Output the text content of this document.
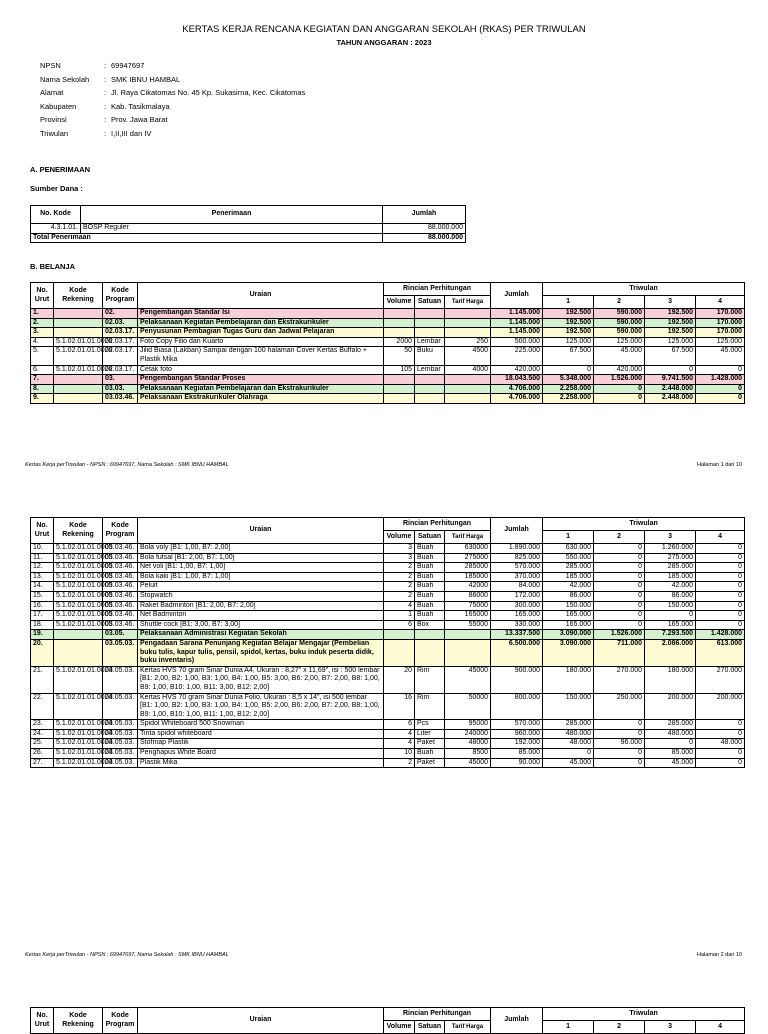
KERTAS KERJA RENCANA KEGIATAN DAN ANGGARAN SEKOLAH (RKAS) PER TRIWULAN
TAHUN ANGGARAN : 2023
NPSN	:	69947697
Nama Sekolah	:	SMK IBNU HAMBAL
Alamat	:	Jl. Raya Cikatomas No. 45 Kp. Sukasirna, Kec. Cikatomas
Kabupaten	:	Kab. Tasikmalaya
Provinsi	:	Prov. Jawa Barat
Triwulan	:	I,II,III dan IV
A. PENERIMAAN
Sumber Dana :
No. Kode	Penerimaan	Jumlah
4.3.1.01.	BOSP Reguler	88.000.000
Total Penerimaan		88.000.000
B. BELANJA
No. Urut	Kode Rekening	Kode Program	Uraian	Rincian Perhitungan			Jumlah	Triwulan			
				Volume	Satuan	Tarif Harga		1	2	3	4
1.		02.	Pengembangan Standar Isi				1.145.000	192.500	590.000	192.500	170.000
2.		02.03.	Pelaksanaan Kegiatan Pembelajaran dan Ekstrakurikuler				1.145.000	192.500	590.000	192.500	170.000
3.		02.03.17.	Penyusunan Pembagian Tugas Guru dan Jadwal Pelajaran				1.145.000	192.500	590.000	192.500	170.000
4.	5.1.02.01.01.0026	02.03.17.	Foto Copy Filio dan Kuarto	2000	Lembar	250	500.000	125.000	125.000	125.000	125.000
5.	5.1.02.01.01.0026	02.03.17.	Jilid Biasa (Lakban) Sampai dengan 100 halaman Cover Kertas Buffalo + Plastik Mika	50	Buku	4500	225.000	67.500	45.000	67.500	45.000
6.	5.1.02.01.01.0026	02.03.17.	Cetak foto	105	Lembar	4000	420.000	0	420.000	0	0
7.		03.	Pengembangan Standar Proses				18.043.500	5.348.000	1.526.000	9.741.500	1.428.000
8.		03.03.	Pelaksanaan Kegiatan Pembelajaran dan Ekstrakurikuler				4.706.000	2.258.000	0	2.448.000	0
9.		03.03.46.	Pelaksanaan Ekstrakurikuler Olahraga				4.706.000	2.258.000	0	2.448.000	0
Kertas Kerja perTriwulan - NPSN : 69947697, Nama Sekolah : SMK IBNU HAMBAL	Halaman 1 dari 10
No. Urut	Kode Rekening	Kode Program	Uraian	Rincian Perhitungan			Jumlah	Triwulan			
				Volume	Satuan	Tarif Harga		1	2	3	4
10.	5.1.02.01.01.0005	03.03.46.	Bola voly [B1: 1,00, B7: 2,00]	3	Buah	630000	1.890.000	630.000	0	1.260.000	0
11.	5.1.02.01.01.0005	03.03.46.	Bola futsal [B1: 2,00, B7: 1,00]	3	Buah	275000	825.000	550.000	0	275.000	0
12.	5.1.02.01.01.0005	03.03.46.	Net voli [B1: 1,00, B7: 1,00]	2	Buah	285000	570.000	285.000	0	285.000	0
13.	5.1.02.01.01.0005	03.03.46.	Bola kaki [B1: 1,00, B7: 1,00]	2	Buah	185000	370.000	185.000	0	185.000	0
14.	5.1.02.01.01.0005	03.03.46.	Peluit	2	Buah	42000	84.000	42.000	0	42.000	0
15.	5.1.02.01.01.0005	03.03.46.	Stopwatch	2	Buah	86000	172.000	86.000	0	86.000	0
16.	5.1.02.01.01.0005	03.03.46.	Raket Badminton [B1: 2,00, B7: 2,00]	4	Buah	75000	300.000	150.000	0	150.000	0
17.	5.1.02.01.01.0005	03.03.46.	Net Badminton	1	Buah	165000	165.000	165.000	0	0	0
18.	5.1.02.01.01.0005	03.03.46.	Shuttle cock [B1: 3,00, B7: 3,00]	6	Box	55000	330.000	165.000	0	165.000	0
19.		03.05.	Pelaksanaan Administrasi Kegiatan Sekolah				13.337.500	3.090.000	1.526.000	7.293.500	1.428.000
20.		03.05.03.	Pengadaan Sarana Penunjang Kegiatan Belajar Mengajar (Pembelian buku tulis, kapur tulis, pensil, spidol, kertas, buku induk peserta didik, buku inventaris)				6.500.000	3.090.000	711.000	2.086.000	613.000
21.	5.1.02.01.01.0024	03.05.03.	Kertas HVS 70 gram Sinar Dunia A4, Ukuran : 8,27" x 11,69", isi : 500 lembar [B1: 2,00, B2: 1,00, B3: 1,00, B4: 1,00, B5: 3,00, B6: 2,00, B7: 2,00, B8: 1,00, B9: 1,00, B10: 1,00, B11: 3,00, B12: 2,00]	20	Rim	45000	900.000	180.000	270.000	180.000	270.000
22.	5.1.02.01.01.0024	03.05.03.	Kertas HVS 70 gram Sinar Dunia Folio, Ukuran : 8,5 x 14", isi 500 lembar [B1: 1,00, B2: 1,00, B3: 1,00, B4: 1,00, B5: 2,00, B6: 2,00, B7: 2,00, B8: 1,00, B9: 1,00, B10: 1,00, B11: 1,00, B12: 2,00]	16	Rim	50000	800.000	150.000	250.000	200.000	200.000
23.	5.1.02.01.01.0024	03.05.03.	Spidol Whiteboard 500 Snowman	6	Pcs	95000	570.000	285.000	0	285.000	0
24.	5.1.02.01.01.0024	03.05.03.	Tinta spidol whiteboard	4	Liter	240000	960.000	480.000	0	480.000	0
25.	5.1.02.01.01.0024	03.05.03.	Stofmap Plastik	4	Paket	48000	192.000	48.000	96.000	0	48.000
26.	5.1.02.01.01.0024	03.05.03.	Penghapus White Board	10	Buah	8500	85.000	0	0	85.000	0
27.	5.1.02.01.01.0024	03.05.03.	Plastik Mika	2	Paket	45000	90.000	45.000	0	45.000	0
Kertas Kerja perTriwulan - NPSN : 69947697, Nama Sekolah : SMK IBNU HAMBAL	Halaman 2 dari 10
No. Urut	Kode Rekening	Kode Program	Uraian	Rincian Perhitungan			Jumlah	Triwulan			
				Volume	Satuan	Tarif Harga		1	2	3	4
